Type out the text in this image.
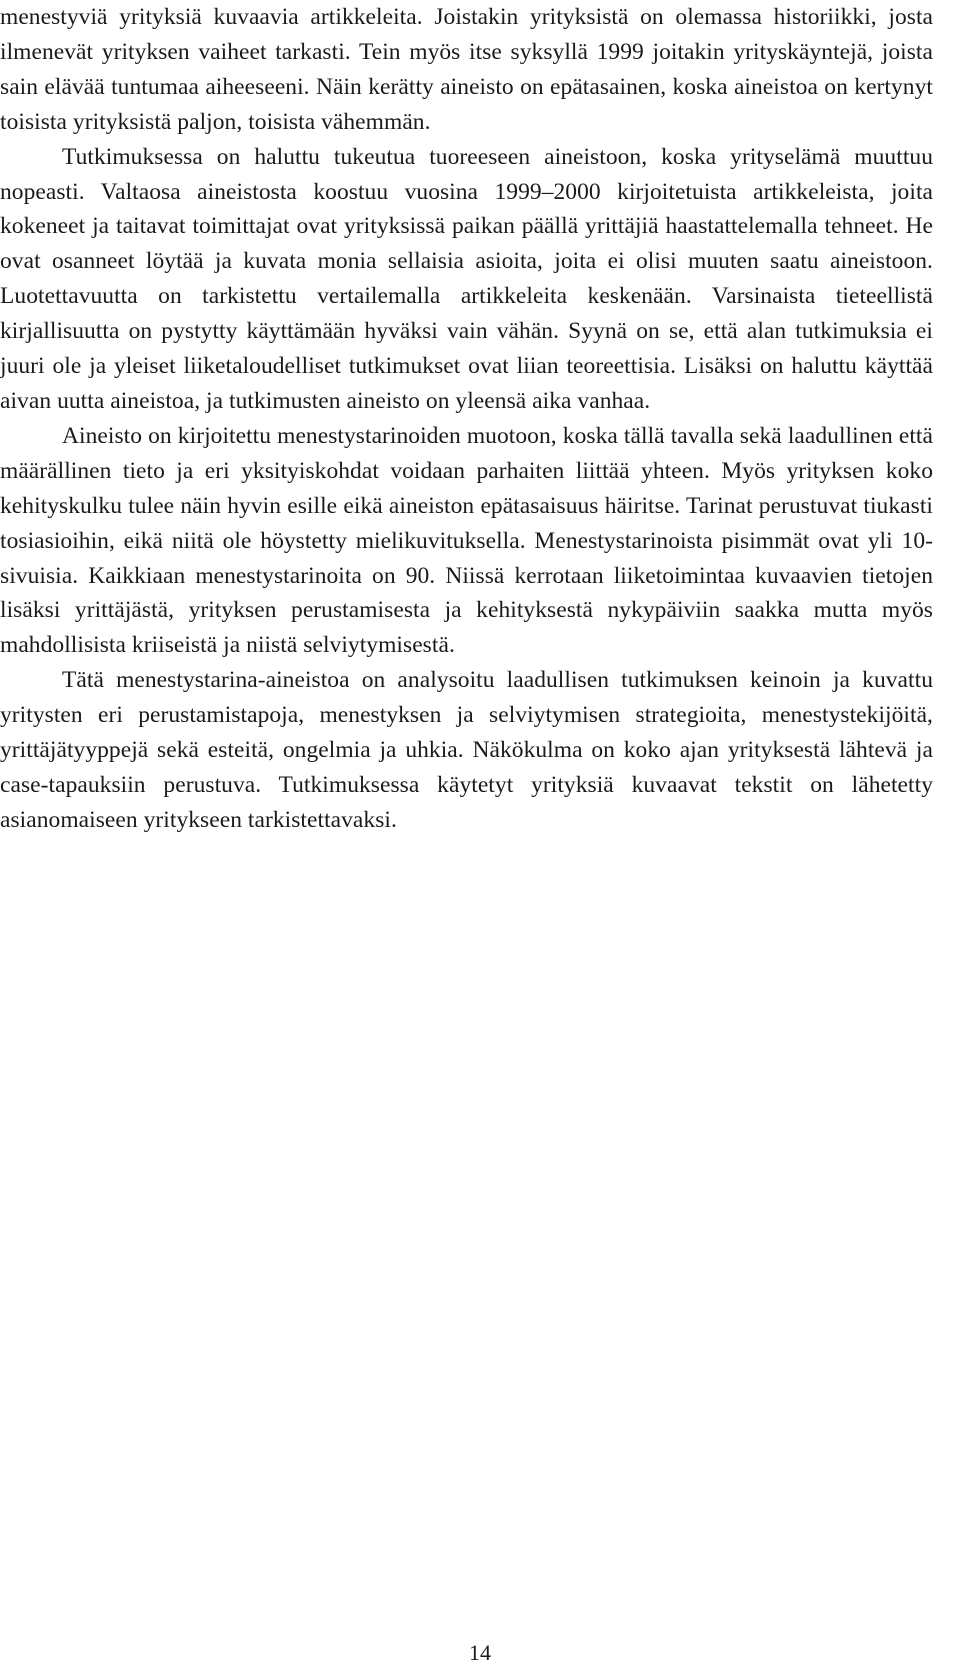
menestyviä yrityksiä kuvaavia artikkeleita. Joistakin yrityksistä on olemassa historiikki, josta ilmenevät yrityksen vaiheet tarkasti. Tein myös itse syksyllä 1999 joitakin yrityskäyntejä, joista sain elävää tuntumaa aiheeseeni. Näin kerätty aineisto on epätasainen, koska aineistoa on kertynyt toisista yrityksistä paljon, toisista vähemmän.

Tutkimuksessa on haluttu tukeutua tuoreeseen aineistoon, koska yrityselämä muuttuu nopeasti. Valtaosa aineistosta koostuu vuosina 1999–2000 kirjoitetuista artikkeleista, joita kokeneet ja taitavat toimittajat ovat yrityksissä paikan päällä yrittäjiä haastattelemalla tehneet. He ovat osanneet löytää ja kuvata monia sellaisia asioita, joita ei olisi muuten saatu aineistoon. Luotettavuutta on tarkistettu vertailemalla artikkeleita keskenään. Varsinaista tieteellistä kirjallisuutta on pystytty käyttämään hyväksi vain vähän. Syynä on se, että alan tutkimuksia ei juuri ole ja yleiset liiketaloudelliset tutkimukset ovat liian teoreettisia. Lisäksi on haluttu käyttää aivan uutta aineistoa, ja tutkimusten aineisto on yleensä aika vanhaa.

Aineisto on kirjoitettu menestystarinoiden muotoon, koska tällä tavalla sekä laadullinen että määrällinen tieto ja eri yksityiskohdat voidaan parhaiten liittää yhteen. Myös yrityksen koko kehityskulku tulee näin hyvin esille eikä aineiston epätasaisuus häiritse. Tarinat perustuvat tiukasti tosiasioihin, eikä niitä ole höystetty mielikuvituksella. Menestystarinoista pisimmät ovat yli 10-sivuisia. Kaikkiaan menestystarinoita on 90. Niissä kerrotaan liiketoimintaa kuvaavien tietojen lisäksi yrittäjästä, yrityksen perustamisesta ja kehityksestä nykypäiviin saakka mutta myös mahdollisista kriiseistä ja niistä selviytymisestä.

Tätä menestystarina-aineistoa on analysoitu laadullisen tutkimuksen keinoin ja kuvattu yritysten eri perustamistapoja, menestyksen ja selviytymisen strategioita, menestystekijöitä, yrittäjätyyppejä sekä esteitä, ongelmia ja uhkia. Näkökulma on koko ajan yrityksestä lähtevä ja case-tapauksiin perustuva. Tutkimuksessa käytetyt yrityksiä kuvaavat tekstit on lähetetty asianomaiseen yritykseen tarkistettavaksi.

14
